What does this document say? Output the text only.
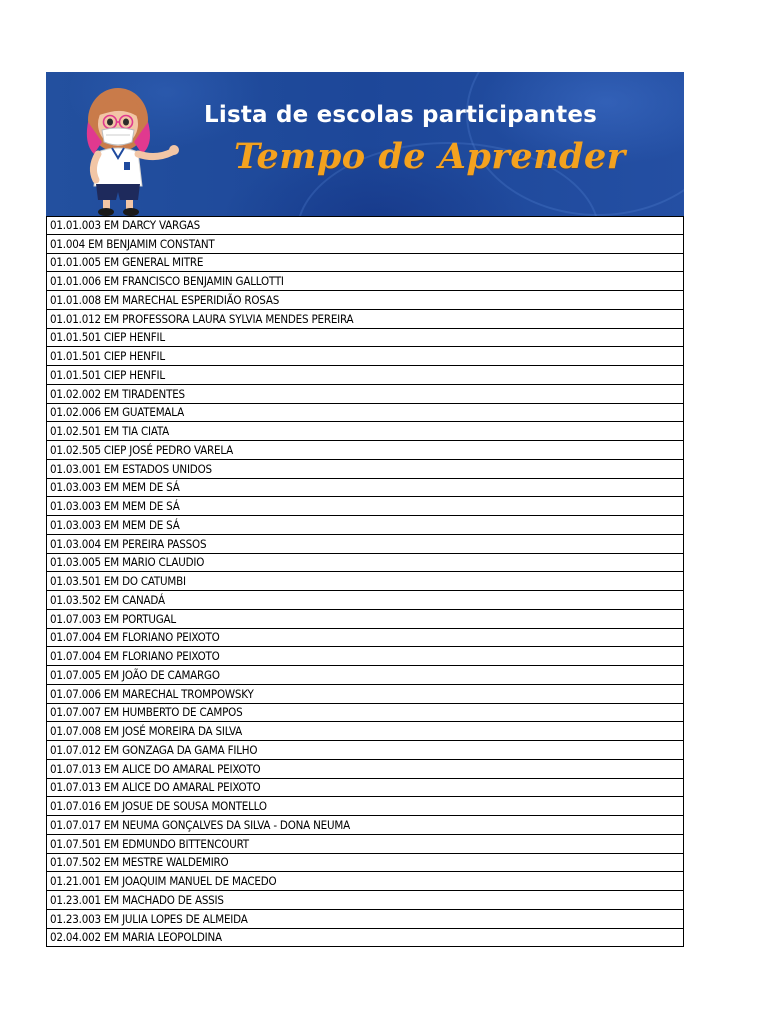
Lista de escolas participantes
Tempo de Aprender
01.01.003 EM DARCY VARGAS
01.004 EM BENJAMIM CONSTANT
01.01.005 EM GENERAL MITRE
01.01.006 EM FRANCISCO BENJAMIN GALLOTTI
01.01.008 EM MARECHAL ESPERIDIÃO ROSAS
01.01.012 EM PROFESSORA LAURA SYLVIA MENDES PEREIRA
01.01.501 CIEP HENFIL
01.01.501 CIEP HENFIL
01.01.501 CIEP HENFIL
01.02.002 EM TIRADENTES
01.02.006 EM GUATEMALA
01.02.501 EM TIA CIATA
01.02.505 CIEP JOSÉ PEDRO VARELA
01.03.001 EM ESTADOS UNIDOS
01.03.003 EM MEM DE SÁ
01.03.003 EM MEM DE SÁ
01.03.003 EM MEM DE SÁ
01.03.004 EM PEREIRA PASSOS
01.03.005 EM MARIO CLAUDIO
01.03.501 EM DO CATUMBI
01.03.502 EM CANADÁ
01.07.003 EM PORTUGAL
01.07.004 EM FLORIANO PEIXOTO
01.07.004 EM FLORIANO PEIXOTO
01.07.005 EM JOÃO DE CAMARGO
01.07.006 EM MARECHAL TROMPOWSKY
01.07.007 EM HUMBERTO DE CAMPOS
01.07.008 EM JOSÉ MOREIRA DA SILVA
01.07.012 EM GONZAGA DA GAMA FILHO
01.07.013 EM ALICE DO AMARAL PEIXOTO
01.07.013 EM ALICE DO AMARAL PEIXOTO
01.07.016 EM JOSUE DE SOUSA MONTELLO
01.07.017 EM NEUMA GONÇALVES DA SILVA - DONA NEUMA
01.07.501 EM EDMUNDO BITTENCOURT
01.07.502 EM MESTRE WALDEMIRO
01.21.001 EM JOAQUIM MANUEL DE MACEDO
01.23.001 EM MACHADO DE ASSIS
01.23.003 EM JULIA LOPES DE ALMEIDA
02.04.002 EM MARIA LEOPOLDINA
